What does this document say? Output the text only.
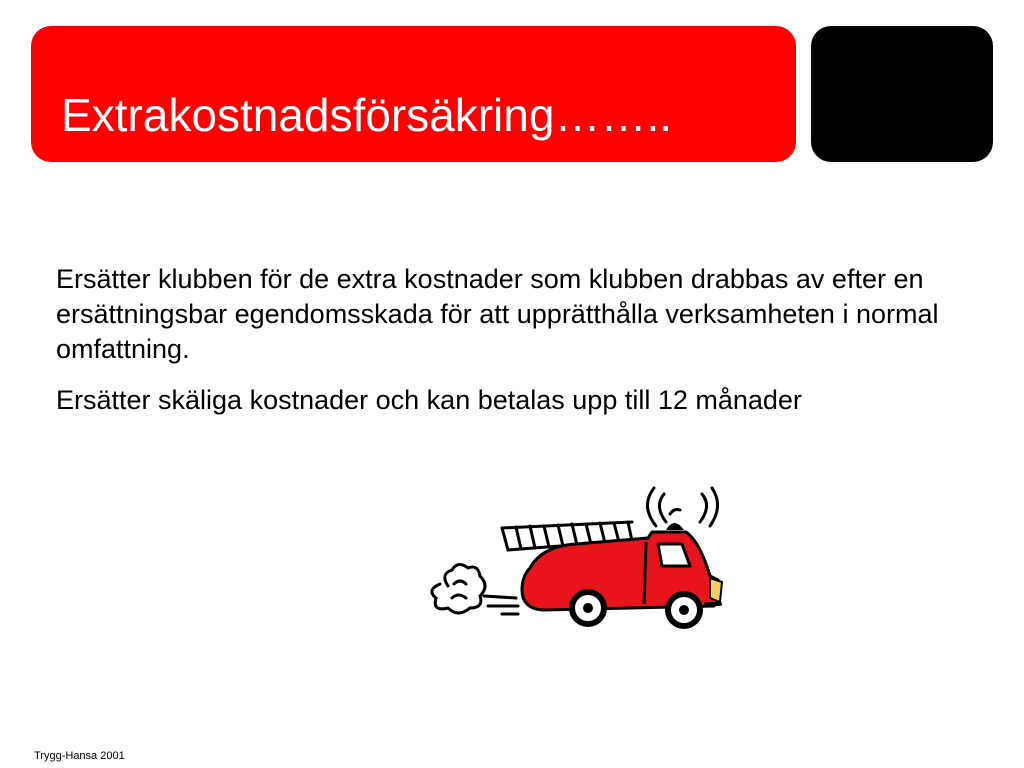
Extrakostnadsförsäkring……..

Ersätter klubben för de extra kostnader som klubben drabbas av efter en ersättningsbar egendomsskada för att upprätthålla verksamheten i normal omfattning.

Ersätter skäliga kostnader och kan betalas upp till 12 månader

Trygg-Hansa 2001
